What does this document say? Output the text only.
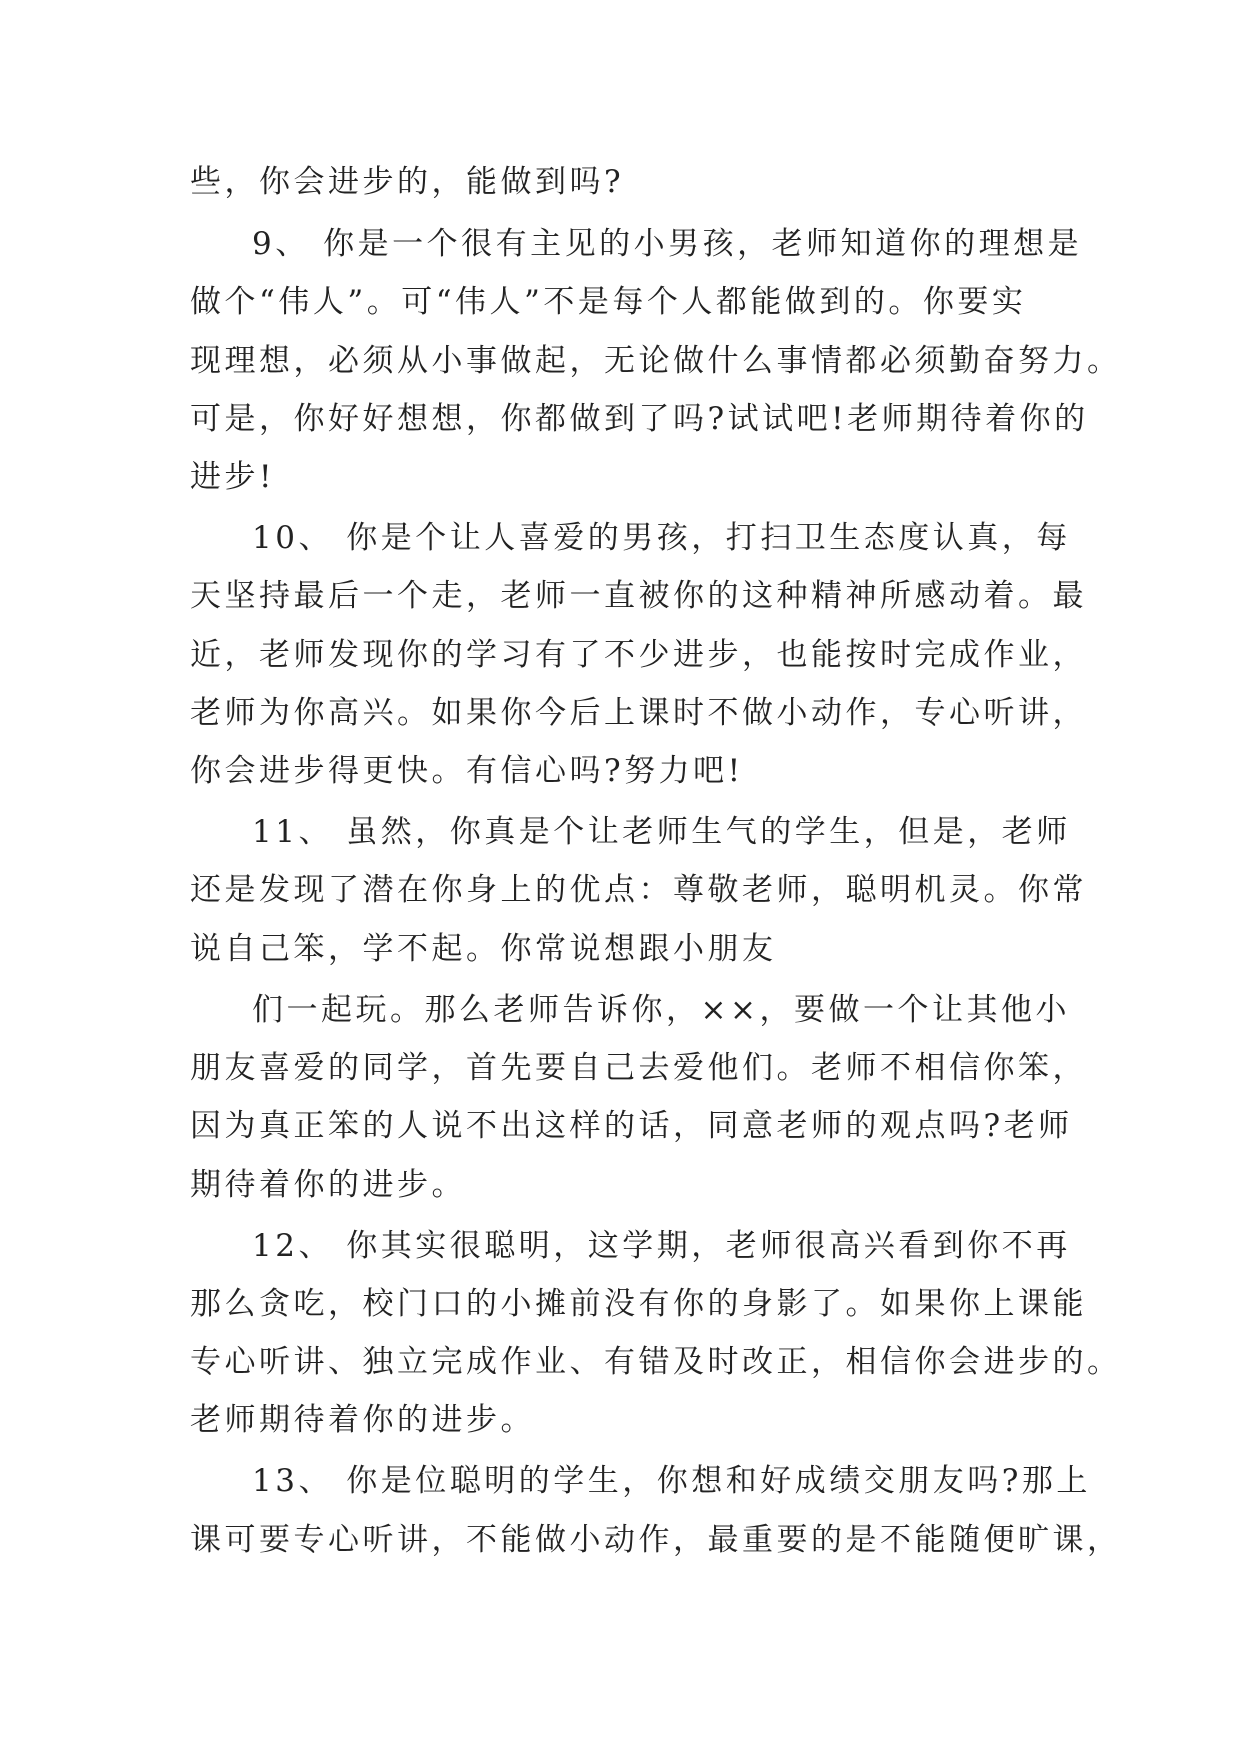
些，你会进步的，能做到吗?
9、 你是一个很有主见的小男孩，老师知道你的理想是
做个“伟人”。可“伟人”不是每个人都能做到的。你要实
现理想，必须从小事做起，无论做什么事情都必须勤奋努力。
可是，你好好想想，你都做到了吗?试试吧!老师期待着你的
进步!
10、 你是个让人喜爱的男孩，打扫卫生态度认真，每
天坚持最后一个走，老师一直被你的这种精神所感动着。最
近，老师发现你的学习有了不少进步，也能按时完成作业，
老师为你高兴。如果你今后上课时不做小动作，专心听讲，
你会进步得更快。有信心吗?努力吧!
11、 虽然，你真是个让老师生气的学生，但是，老师
还是发现了潜在你身上的优点：尊敬老师，聪明机灵。你常
说自己笨，学不起。你常说想跟小朋友
们一起玩。那么老师告诉你，××，要做一个让其他小
朋友喜爱的同学，首先要自己去爱他们。老师不相信你笨，
因为真正笨的人说不出这样的话，同意老师的观点吗?老师
期待着你的进步。
12、 你其实很聪明，这学期，老师很高兴看到你不再
那么贪吃，校门口的小摊前没有你的身影了。如果你上课能
专心听讲、独立完成作业、有错及时改正，相信你会进步的。
老师期待着你的进步。
13、 你是位聪明的学生，你想和好成绩交朋友吗?那上
课可要专心听讲，不能做小动作，最重要的是不能随便旷课，
